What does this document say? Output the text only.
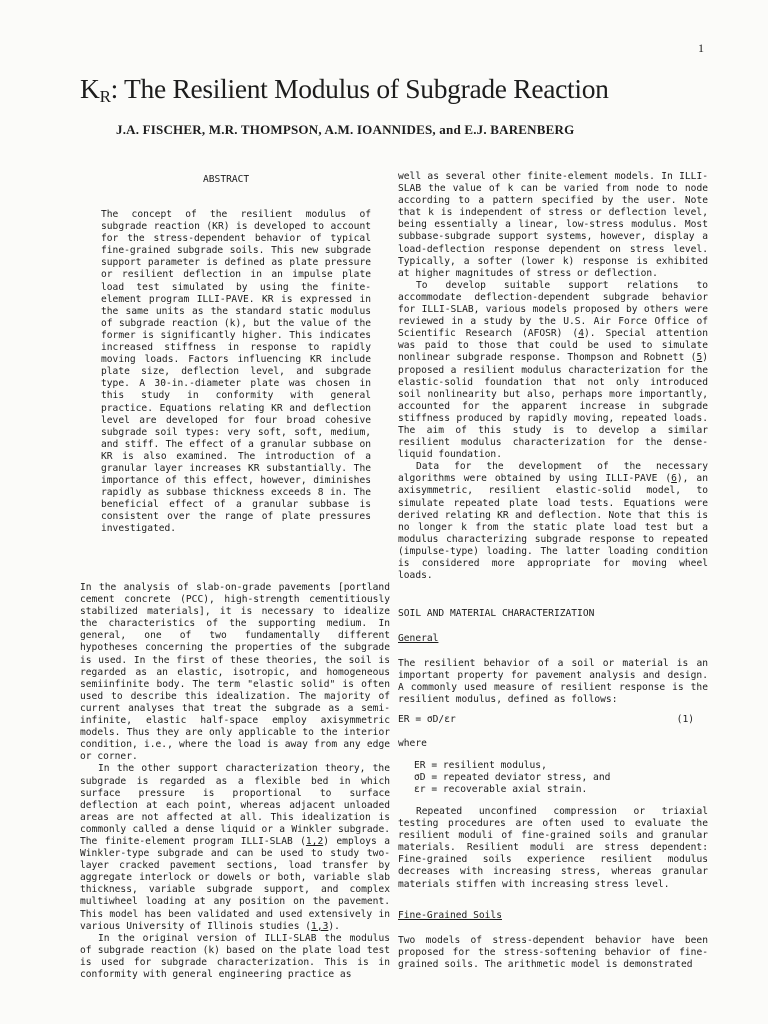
1
$K_R$: The Resilient Modulus of Subgrade Reaction
J.A. FISCHER, M.R. THOMPSON, A.M. IOANNIDES, and E.J. BARENBERG
ABSTRACT

The concept of the resilient modulus of subgrade reaction (KR) is developed to account for the stress-dependent behavior of typical fine-grained subgrade soils. This new subgrade support parameter is defined as plate pressure or resilient deflection in an impulse plate load test simulated by using the finite-element program ILLI-PAVE. KR is expressed in the same units as the standard static modulus of subgrade reaction (k), but the value of the former is significantly higher. This indicates increased stiffness in response to rapidly moving loads. Factors influencing KR include plate size, deflection level, and subgrade type. A 30-in.-diameter plate was chosen in this study in conformity with general practice. Equations relating KR and deflection level are developed for four broad cohesive subgrade soil types: very soft, soft, medium, and stiff. The effect of a granular subbase on KR is also examined. The introduction of a granular layer increases KR substantially. The importance of this effect, however, diminishes rapidly as subbase thickness exceeds 8 in. The beneficial effect of a granular subbase is consistent over the range of plate pressures investigated.

In the analysis of slab-on-grade pavements [portland cement concrete (PCC), high-strength cementitiously stabilized materials], it is necessary to idealize the characteristics of the supporting medium. In general, one of two fundamentally different hypotheses concerning the properties of the subgrade is used. In the first of these theories, the soil is regarded as an elastic, isotropic, and homogeneous semiinfinite body. The term "elastic solid" is often used to describe this idealization. The majority of current analyses that treat the subgrade as a semi-infinite, elastic half-space employ axisymmetric models. Thus they are only applicable to the interior condition, i.e., where the load is away from any edge or corner.

In the other support characterization theory, the subgrade is regarded as a flexible bed in which surface pressure is proportional to surface deflection at each point, whereas adjacent unloaded areas are not affected at all. This idealization is commonly called a dense liquid or a Winkler subgrade. The finite-element program ILLI-SLAB (1,2) employs a Winkler-type subgrade and can be used to study two-layer cracked pavement sections, load transfer by aggregate interlock or dowels or both, variable slab thickness, variable subgrade support, and complex multiwheel loading at any position on the pavement. This model has been validated and used extensively in various University of Illinois studies (1,3).

In the original version of ILLI-SLAB the modulus of subgrade reaction (k) based on the plate load test is used for subgrade characterization. This is in conformity with general engineering practice as

well as several other finite-element models. In ILLI-SLAB the value of k can be varied from node to node according to a pattern specified by the user. Note that k is independent of stress or deflection level, being essentially a linear, low-stress modulus. Most subbase-subgrade support systems, however, display a load-deflection response dependent on stress level. Typically, a softer (lower k) response is exhibited at higher magnitudes of stress or deflection.

To develop suitable support relations to accommodate deflection-dependent subgrade behavior for ILLI-SLAB, various models proposed by others were reviewed in a study by the U.S. Air Force Office of Scientific Research (AFOSR) (4). Special attention was paid to those that could be used to simulate nonlinear subgrade response. Thompson and Robnett (5) proposed a resilient modulus characterization for the elastic-solid foundation that not only introduced soil nonlinearity but also, perhaps more importantly, accounted for the apparent increase in subgrade stiffness produced by rapidly moving, repeated loads. The aim of this study is to develop a similar resilient modulus characterization for the dense-liquid foundation.

Data for the development of the necessary algorithms were obtained by using ILLI-PAVE (6), an axisymmetric, resilient elastic-solid model, to simulate repeated plate load tests. Equations were derived relating KR and deflection. Note that this is no longer k from the static plate load test but a modulus characterizing subgrade response to repeated (impulse-type) loading. The latter loading condition is considered more appropriate for moving wheel loads.

SOIL AND MATERIAL CHARACTERIZATION
General
The resilient behavior of a soil or material is an important property for pavement analysis and design. A commonly used measure of resilient response is the resilient modulus, defined as follows:
ER = σD/εr	(1)
where
ER = resilient modulus,
σD = repeated deviator stress, and
εr = recoverable axial strain.
Repeated unconfined compression or triaxial testing procedures are often used to evaluate the resilient moduli of fine-grained soils and granular materials. Resilient moduli are stress dependent: Fine-grained soils experience resilient modulus decreases with increasing stress, whereas granular materials stiffen with increasing stress level.
Fine-Grained Soils
Two models of stress-dependent behavior have been proposed for the stress-softening behavior of fine-grained soils. The arithmetic model is demonstrated
